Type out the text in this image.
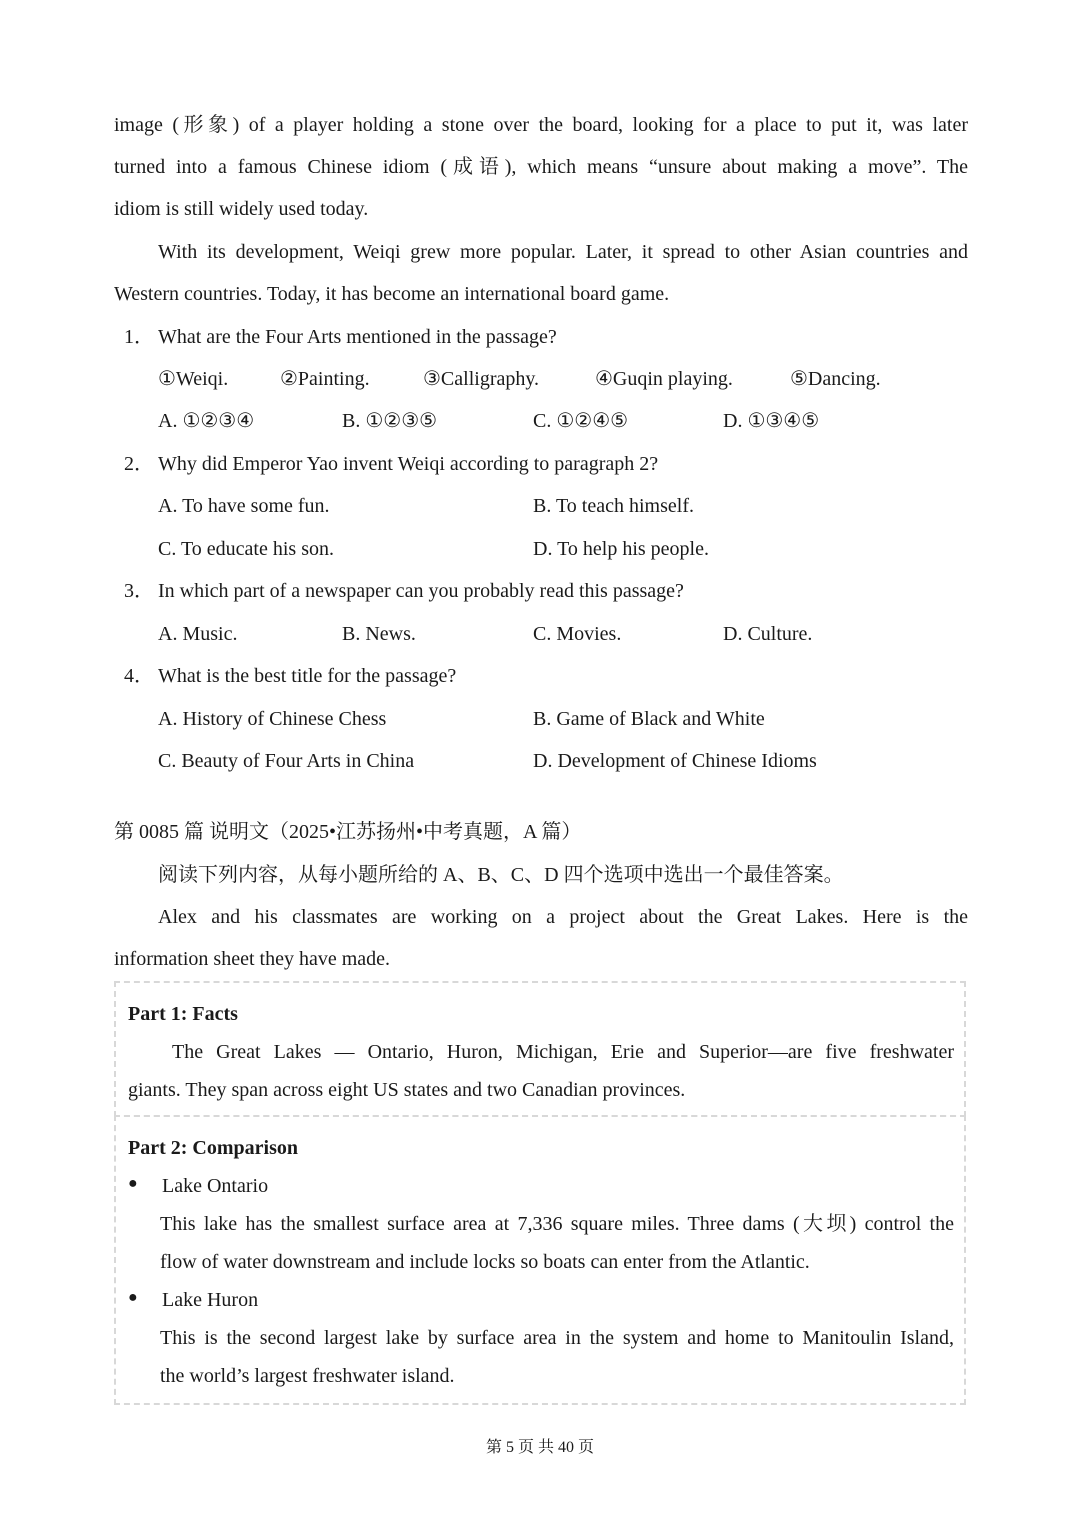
image (形象) of a player holding a stone over the board, looking for a place to put it, was later
turned into a famous Chinese idiom (成语), which means “unsure about making a move”. The
idiom is still widely used today.
With its development, Weiqi grew more popular. Later, it spread to other Asian countries and
Western countries. Today, it has become an international board game.
1． What are the Four Arts mentioned in the passage?
①Weiqi.	②Painting.	③Calligraphy.	④Guqin playing.	⑤Dancing.
A. ①②③④	B. ①②③⑤	C. ①②④⑤	D. ①③④⑤
2． Why did Emperor Yao invent Weiqi according to paragraph 2?
A. To have some fun.	B. To teach himself.
C. To educate his son.	D. To help his people.
3． In which part of a newspaper can you probably read this passage?
A. Music.	B. News.	C. Movies.	D. Culture.
4． What is the best title for the passage?
A. History of Chinese Chess	B. Game of Black and White
C. Beauty of Four Arts in China	D. Development of Chinese Idioms
第 0085 篇 说明文（2025•江苏扬州•中考真题，A 篇）
阅读下列内容，从每小题所给的 A、B、C、D 四个选项中选出一个最佳答案。
Alex and his classmates are working on a project about the Great Lakes. Here is the
information sheet they have made.
Part 1: Facts
The Great Lakes — Ontario, Huron, Michigan, Erie and Superior—are five freshwater
giants. They span across eight US states and two Canadian provinces.
Part 2: Comparison
● Lake Ontario
This lake has the smallest surface area at 7,336 square miles. Three dams (大坝) control the
flow of water downstream and include locks so boats can enter from the Atlantic.
● Lake Huron
This is the second largest lake by surface area in the system and home to Manitoulin Island,
the world’s largest freshwater island.
第 5 页 共 40 页
